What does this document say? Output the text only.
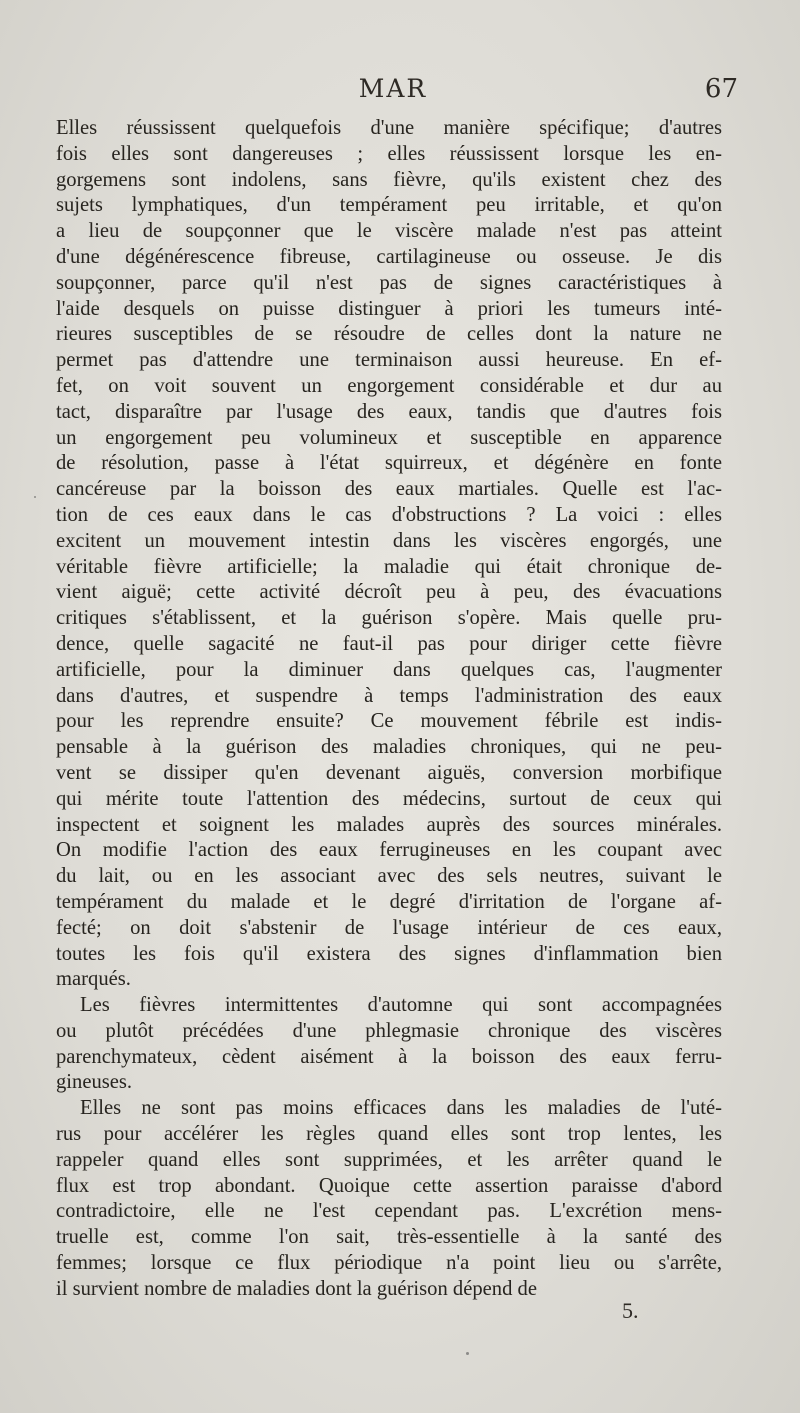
MAR	67
Elles réussissent quelquefois d'une manière spécifique; d'autres
fois elles sont dangereuses ; elles réussissent lorsque les en-
gorgemens sont indolens, sans fièvre, qu'ils existent chez des
sujets lymphatiques, d'un tempérament peu irritable, et qu'on
a lieu de soupçonner que le viscère malade n'est pas atteint
d'une dégénérescence fibreuse, cartilagineuse ou osseuse. Je dis
soupçonner, parce qu'il n'est pas de signes caractéristiques à
l'aide desquels on puisse distinguer à priori les tumeurs inté-
rieures susceptibles de se résoudre de celles dont la nature ne
permet pas d'attendre une terminaison aussi heureuse. En ef-
fet, on voit souvent un engorgement considérable et dur au
tact, disparaître par l'usage des eaux, tandis que d'autres fois
un engorgement peu volumineux et susceptible en apparence
de résolution, passe à l'état squirreux, et dégénère en fonte
cancéreuse par la boisson des eaux martiales. Quelle est l'ac-
tion de ces eaux dans le cas d'obstructions ? La voici : elles
excitent un mouvement intestin dans les viscères engorgés, une
véritable fièvre artificielle; la maladie qui était chronique de-
vient aiguë; cette activité décroît peu à peu, des évacuations
critiques s'établissent, et la guérison s'opère. Mais quelle pru-
dence, quelle sagacité ne faut-il pas pour diriger cette fièvre
artificielle, pour la diminuer dans quelques cas, l'augmenter
dans d'autres, et suspendre à temps l'administration des eaux
pour les reprendre ensuite? Ce mouvement fébrile est indis-
pensable à la guérison des maladies chroniques, qui ne peu-
vent se dissiper qu'en devenant aiguës, conversion morbifique
qui mérite toute l'attention des médecins, surtout de ceux qui
inspectent et soignent les malades auprès des sources minérales.
On modifie l'action des eaux ferrugineuses en les coupant avec
du lait, ou en les associant avec des sels neutres, suivant le
tempérament du malade et le degré d'irritation de l'organe af-
fecté; on doit s'abstenir de l'usage intérieur de ces eaux,
toutes les fois qu'il existera des signes d'inflammation bien
marqués.
Les fièvres intermittentes d'automne qui sont accompagnées
ou plutôt précédées d'une phlegmasie chronique des viscères
parenchymateux, cèdent aisément à la boisson des eaux ferru-
gineuses.
Elles ne sont pas moins efficaces dans les maladies de l'uté-
rus pour accélérer les règles quand elles sont trop lentes, les
rappeler quand elles sont supprimées, et les arrêter quand le
flux est trop abondant. Quoique cette assertion paraisse d'abord
contradictoire, elle ne l'est cependant pas. L'excrétion mens-
truelle est, comme l'on sait, très-essentielle à la santé des
femmes; lorsque ce flux périodique n'a point lieu ou s'arrête,
il survient nombre de maladies dont la guérison dépend de
5.
